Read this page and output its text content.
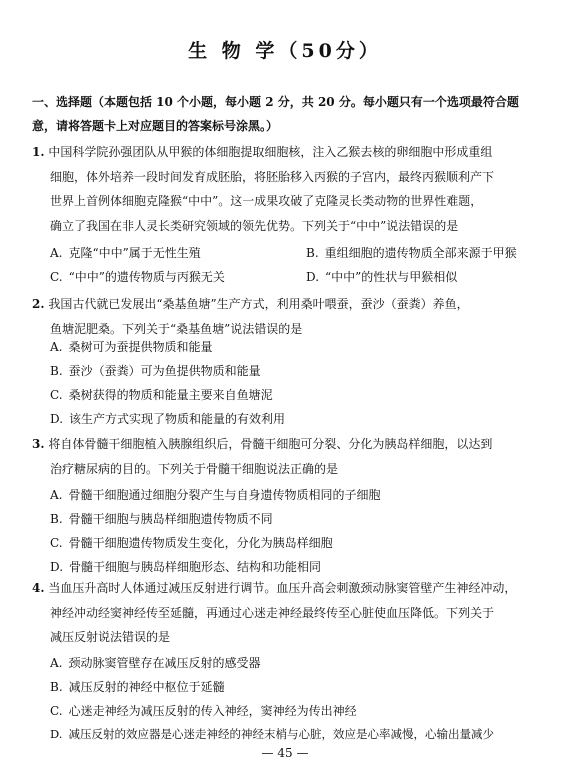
生 物 学（50分）
一、选择题（本题包括 10 个小题，每小题 2 分，共 20 分。每小题只有一个选项最符合题
意，请将答题卡上对应题目的答案标号涂黑。）
1. 中国科学院孙强团队从甲猴的体细胞提取细胞核，注入乙猴去核的卵细胞中形成重组
细胞，体外培养一段时间发育成胚胎，将胚胎移入丙猴的子宫内，最终丙猴顺利产下
世界上首例体细胞克隆猴“中中”。这一成果攻破了克隆灵长类动物的世界性难题，
确立了我国在非人灵长类研究领域的领先优势。下列关于“中中”说法错误的是
A. 克隆“中中”属于无性生殖	B. 重组细胞的遗传物质全部来源于甲猴
C. “中中”的遗传物质与丙猴无关	D. “中中”的性状与甲猴相似
2. 我国古代就已发展出“桑基鱼塘”生产方式，利用桑叶喂蚕，蚕沙（蚕粪）养鱼，
鱼塘泥肥桑。下列关于“桑基鱼塘”说法错误的是
A. 桑树可为蚕提供物质和能量
B. 蚕沙（蚕粪）可为鱼提供物质和能量
C. 桑树获得的物质和能量主要来自鱼塘泥
D. 该生产方式实现了物质和能量的有效利用
3. 将自体骨髓干细胞植入胰腺组织后，骨髓干细胞可分裂、分化为胰岛样细胞，以达到
治疗糖尿病的目的。下列关于骨髓干细胞说法正确的是
A. 骨髓干细胞通过细胞分裂产生与自身遗传物质相同的子细胞
B. 骨髓干细胞与胰岛样细胞遗传物质不同
C. 骨髓干细胞遗传物质发生变化，分化为胰岛样细胞
D. 骨髓干细胞与胰岛样细胞形态、结构和功能相同
4. 当血压升高时人体通过减压反射进行调节。血压升高会刺激颈动脉窦管壁产生神经冲动，
神经冲动经窦神经传至延髓，再通过心迷走神经最终传至心脏使血压降低。下列关于
减压反射说法错误的是
A. 颈动脉窦管壁存在减压反射的感受器
B. 减压反射的神经中枢位于延髓
C. 心迷走神经为减压反射的传入神经，窦神经为传出神经
D. 减压反射的效应器是心迷走神经的神经末梢与心脏，效应是心率减慢，心输出量减少
— 45 —
